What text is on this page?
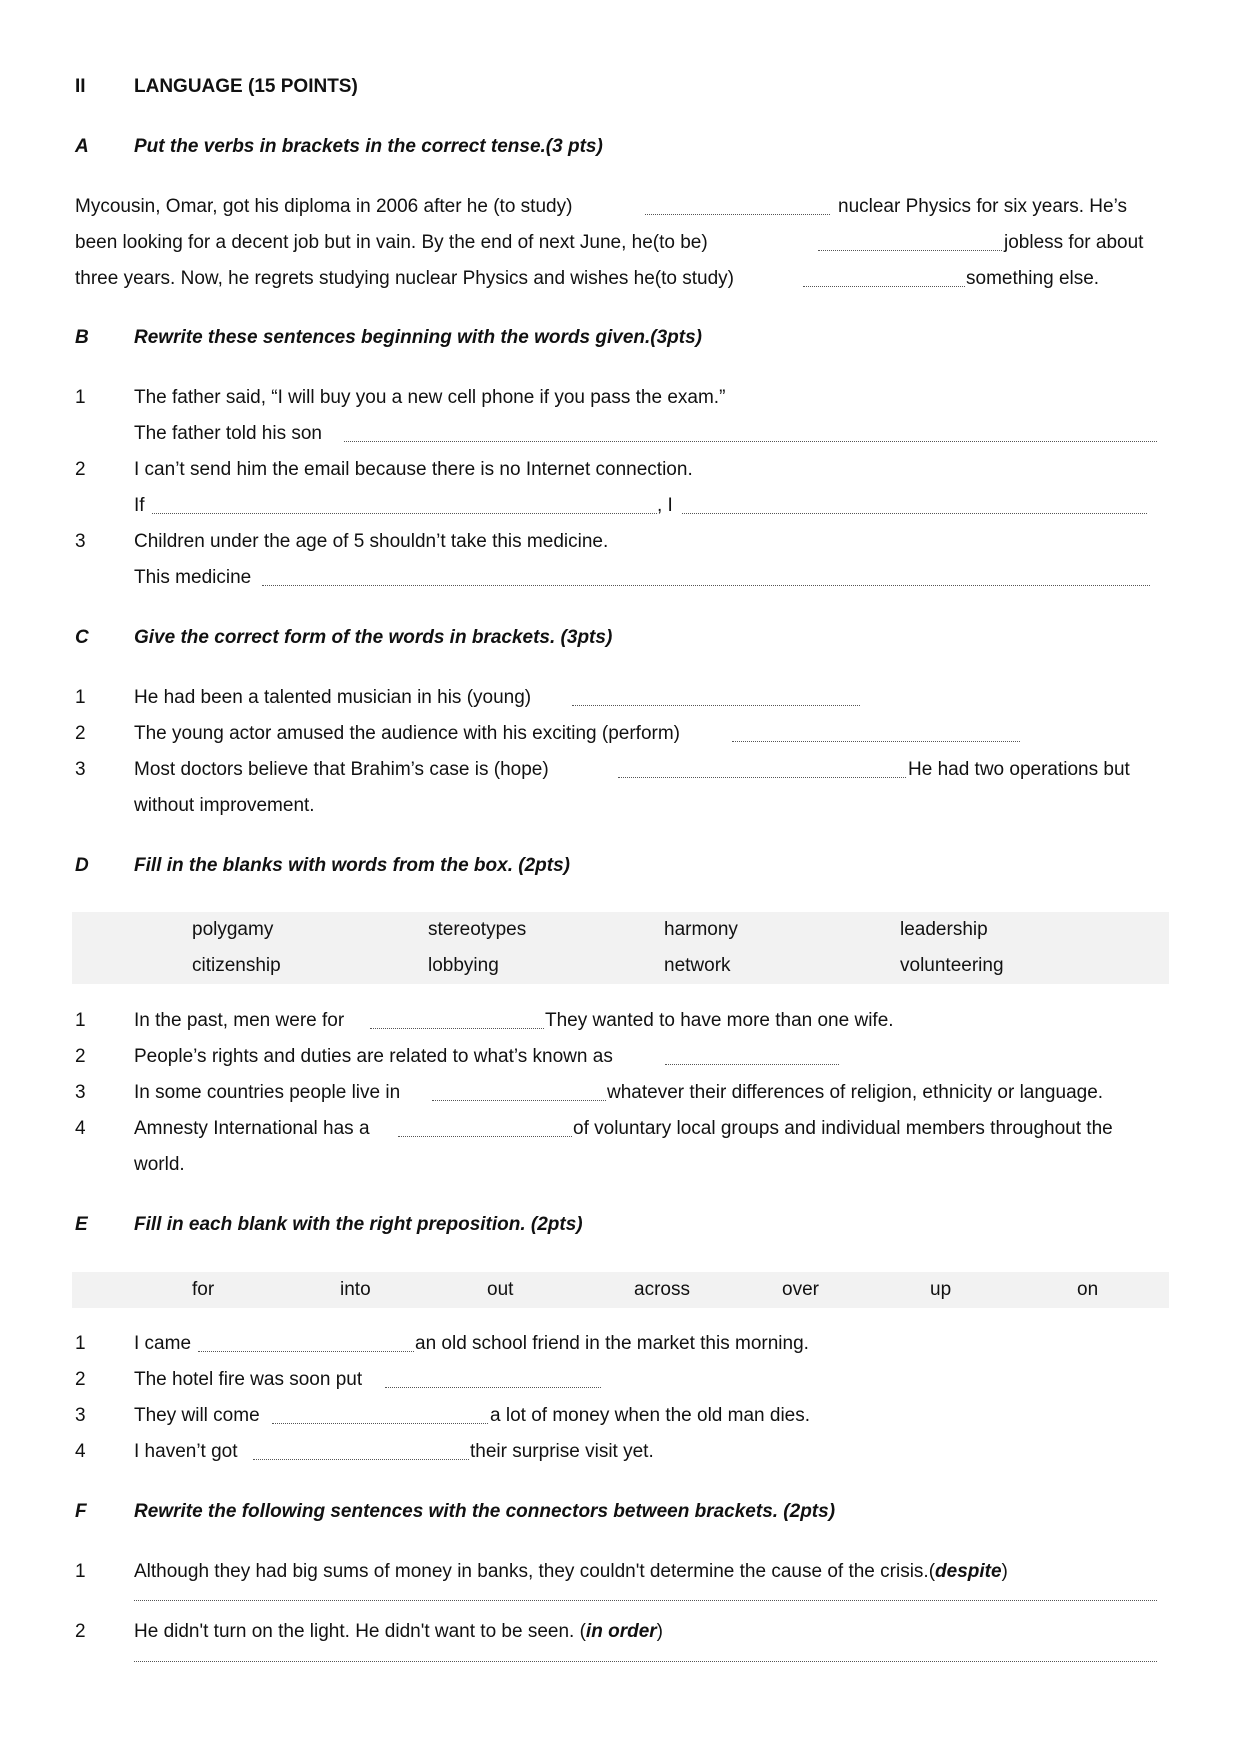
II	LANGUAGE (15 POINTS)
A Put the verbs in brackets in the correct tense.(3 pts)
Mycousin, Omar, got his diploma in 2006 after he (to study)	nuclear Physics for six years. He’s
been looking for a decent job but in vain. By the end of next June, he(to be)	jobless for about
three years. Now, he regrets studying nuclear Physics and wishes he(to study)	something else.
B Rewrite these sentences beginning with the words given.(3pts)
1	The father said, “I will buy you a new cell phone if you pass the exam.”
The father told his son
2	I can’t send him the email because there is no Internet connection.
If	, I
3	Children under the age of 5 shouldn’t take this medicine.
This medicine
C Give the correct form of the words in brackets. (3pts)
1	He had been a talented musician in his (young)
2	The young actor amused the audience with his exciting (perform)
3	Most doctors believe that Brahim’s case is (hope)	He had two operations but
without improvement.
D Fill in the blanks with words from the box. (2pts)
polygamy	stereotypes	harmony	leadership
citizenship	lobbying	network	volunteering
1	In the past, men were for	They wanted to have more than one wife.
2	People’s rights and duties are related to what’s known as
3	In some countries people live in	whatever their differences of religion, ethnicity or language.
4	Amnesty International has a	of voluntary local groups and individual members throughout the
world.
E Fill in each blank with the right preposition. (2pts)
for	into	out	across	over	up	on
1	I came	an old school friend in the market this morning.
2	The hotel fire was soon put
3	They will come	a lot of money when the old man dies.
4	I haven’t got	their surprise visit yet.
F Rewrite the following sentences with the connectors between brackets. (2pts)
1	Although they had big sums of money in banks, they couldn't determine the cause of the crisis.(despite)
2	He didn't turn on the light. He didn't want to be seen. (in order)
